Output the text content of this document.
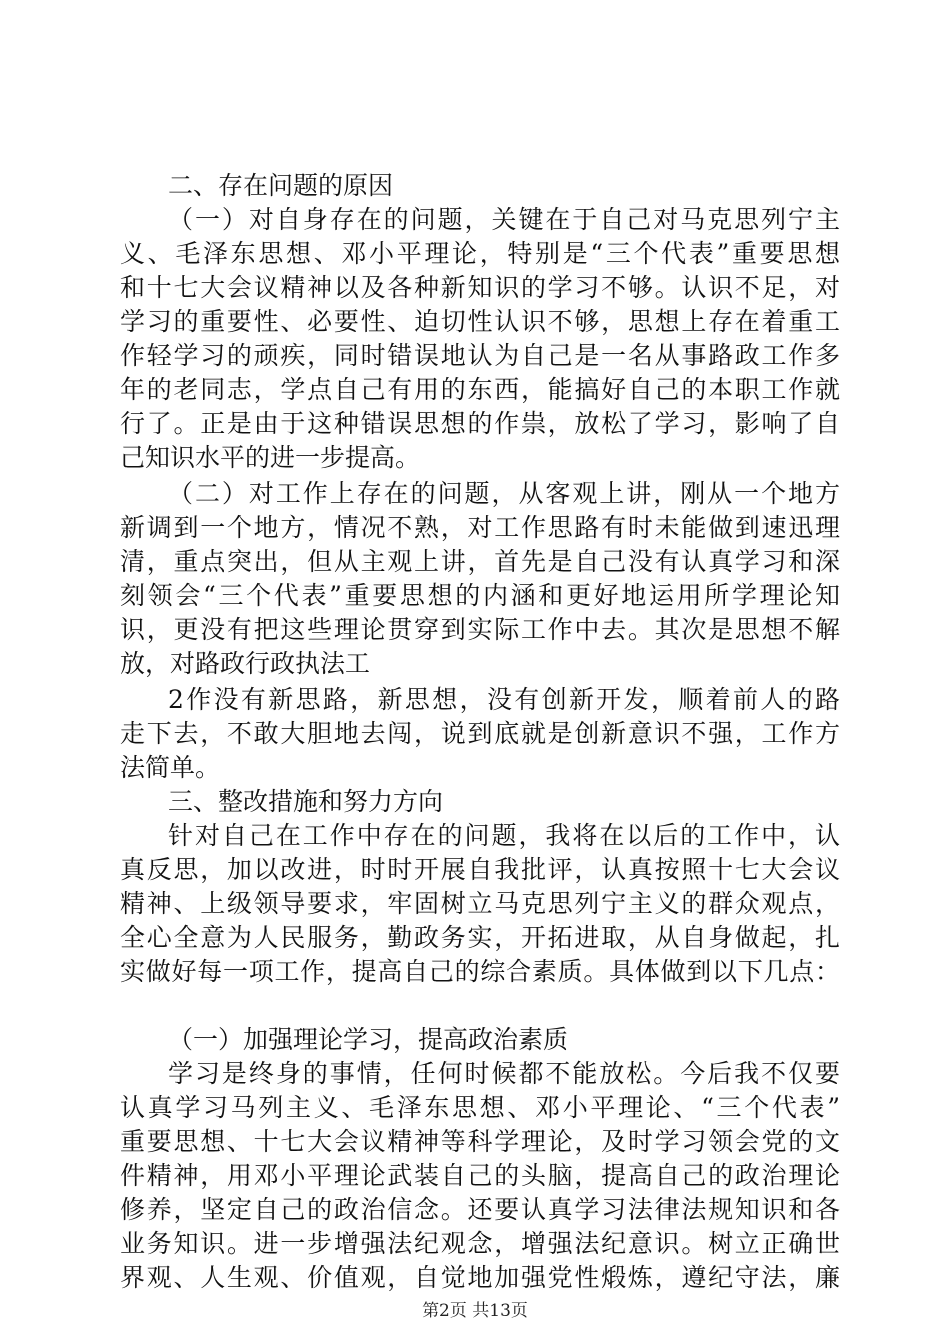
二、存在问题的原因
（一）对自身存在的问题，关键在于自己对马克思列宁主
义、毛泽东思想、邓小平理论，特别是“三个代表”重要思想
和十七大会议精神以及各种新知识的学习不够。认识不足，对
学习的重要性、必要性、迫切性认识不够，思想上存在着重工
作轻学习的顽疾，同时错误地认为自己是一名从事路政工作多
年的老同志，学点自己有用的东西，能搞好自己的本职工作就
行了。正是由于这种错误思想的作祟，放松了学习，影响了自
己知识水平的进一步提高。
（二）对工作上存在的问题，从客观上讲，刚从一个地方
新调到一个地方，情况不熟，对工作思路有时未能做到速迅理
清，重点突出，但从主观上讲，首先是自己没有认真学习和深
刻领会“三个代表”重要思想的内涵和更好地运用所学理论知
识，更没有把这些理论贯穿到实际工作中去。其次是思想不解
放，对路政行政执法工
2作没有新思路，新思想，没有创新开发，顺着前人的路
走下去，不敢大胆地去闯，说到底就是创新意识不强，工作方
法简单。
三、整改措施和努力方向
针对自己在工作中存在的问题，我将在以后的工作中，认
真反思，加以改进，时时开展自我批评，认真按照十七大会议
精神、上级领导要求，牢固树立马克思列宁主义的群众观点，
全心全意为人民服务，勤政务实，开拓进取，从自身做起，扎
实做好每一项工作，提高自己的综合素质。具体做到以下几点：
（一）加强理论学习，提高政治素质
学习是终身的事情，任何时候都不能放松。今后我不仅要
认真学习马列主义、毛泽东思想、邓小平理论、“三个代表”
重要思想、十七大会议精神等科学理论，及时学习领会党的文
件精神，用邓小平理论武装自己的头脑，提高自己的政治理论
修养，坚定自己的政治信念。还要认真学习法律法规知识和各
业务知识。进一步增强法纪观念，增强法纪意识。树立正确世
界观、人生观、价值观，自觉地加强党性煅炼，遵纪守法，廉
第2页 共13页
